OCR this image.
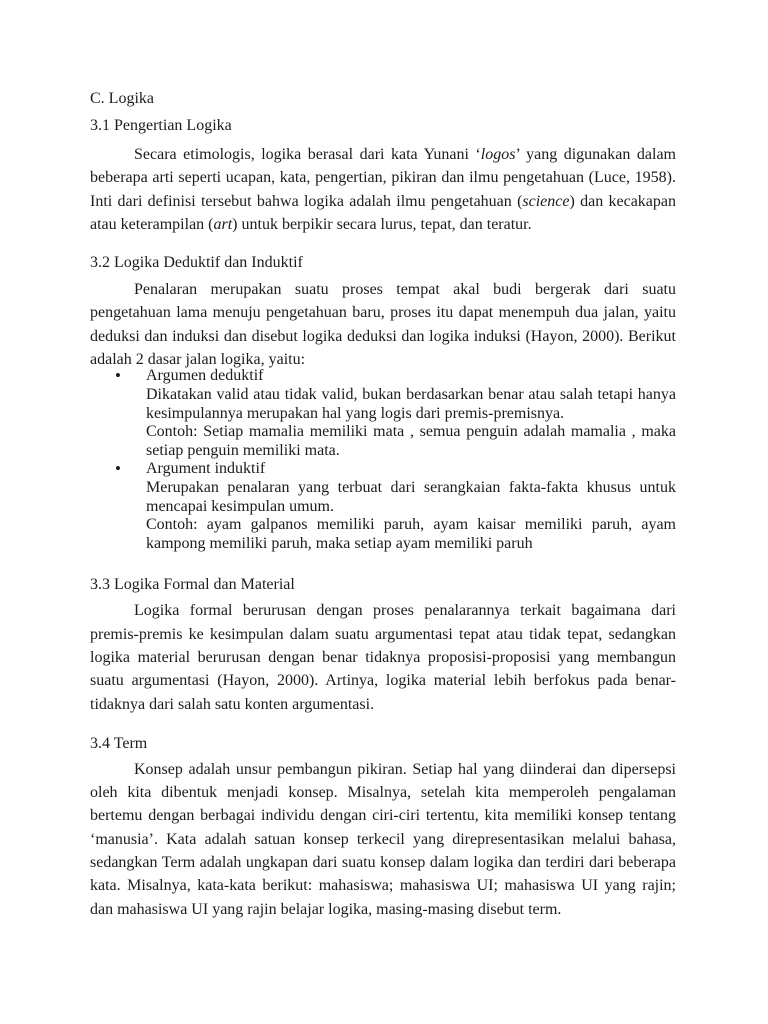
C. Logika
3.1 Pengertian Logika

Secara etimologis, logika berasal dari kata Yunani ‘logos’ yang digunakan dalam beberapa arti seperti ucapan, kata, pengertian, pikiran dan ilmu pengetahuan (Luce, 1958). Inti dari definisi tersebut bahwa logika adalah ilmu pengetahuan (science) dan kecakapan atau keterampilan (art) untuk berpikir secara lurus, tepat, dan teratur.

3.2 Logika Deduktif dan Induktif

Penalaran merupakan suatu proses tempat akal budi bergerak dari suatu pengetahuan lama menuju pengetahuan baru, proses itu dapat menempuh dua jalan, yaitu deduksi dan induksi dan disebut logika deduksi dan logika induksi (Hayon, 2000). Berikut adalah 2 dasar jalan logika, yaitu:

• Argumen deduktif
Dikatakan valid atau tidak valid, bukan berdasarkan benar atau salah tetapi hanya kesimpulannya merupakan hal yang logis dari premis-premisnya.
Contoh: Setiap mamalia memiliki mata , semua penguin adalah mamalia , maka setiap penguin memiliki mata.
• Argument induktif
Merupakan penalaran yang terbuat dari serangkaian fakta-fakta khusus untuk mencapai kesimpulan umum.
Contoh: ayam galpanos memiliki paruh, ayam kaisar memiliki paruh, ayam kampong memiliki paruh, maka setiap ayam memiliki paruh
3.3 Logika Formal dan Material

Logika formal berurusan dengan proses penalarannya terkait bagaimana dari premis-premis ke kesimpulan dalam suatu argumentasi tepat atau tidak tepat, sedangkan logika material berurusan dengan benar tidaknya proposisi-proposisi yang membangun suatu argumentasi (Hayon, 2000). Artinya, logika material lebih berfokus pada benar-tidaknya dari salah satu konten argumentasi.

3.4 Term

Konsep adalah unsur pembangun pikiran. Setiap hal yang diinderai dan dipersepsi oleh kita dibentuk menjadi konsep. Misalnya, setelah kita memperoleh pengalaman bertemu dengan berbagai individu dengan ciri-ciri tertentu, kita memiliki konsep tentang ‘manusia’. Kata adalah satuan konsep terkecil yang direpresentasikan melalui bahasa, sedangkan Term adalah ungkapan dari suatu konsep dalam logika dan terdiri dari beberapa kata. Misalnya, kata-kata berikut: mahasiswa; mahasiswa UI; mahasiswa UI yang rajin; dan mahasiswa UI yang rajin belajar logika, masing-masing disebut term.
